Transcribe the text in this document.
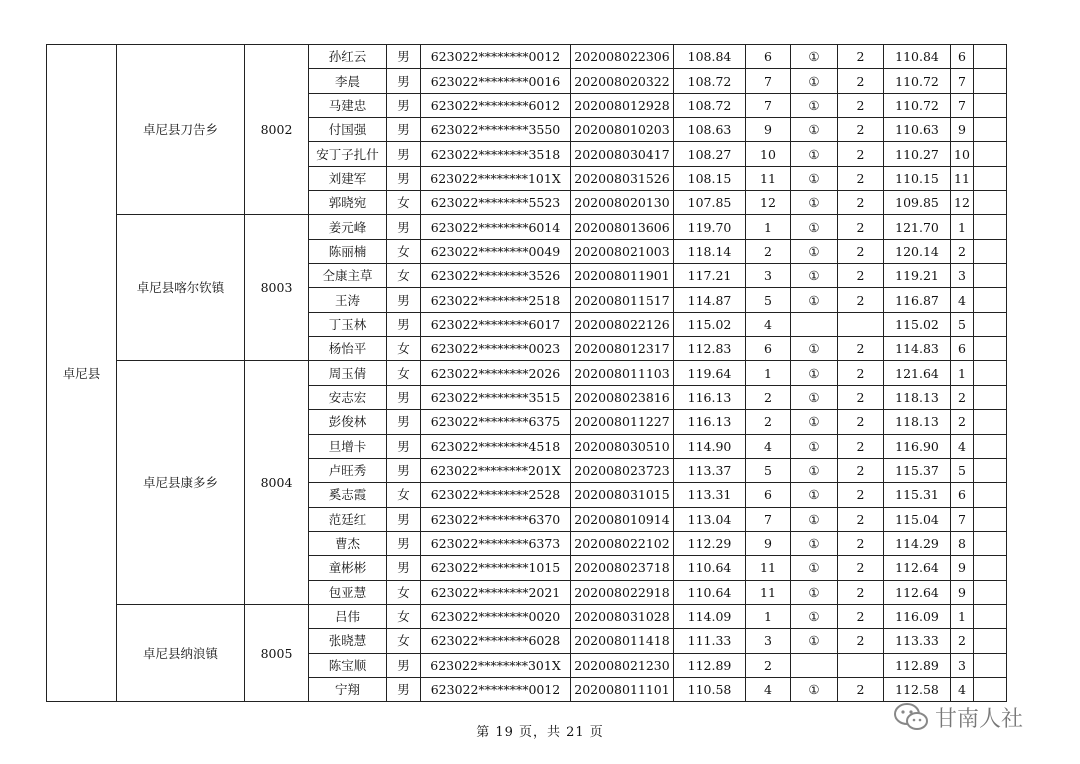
卓尼县	卓尼县刀告乡	8002	孙红云	男	623022********0012	202008022306	108.84	6	①	2	110.84	6	
			李晨	男	623022********0016	202008020322	108.72	7	①	2	110.72	7	
			马建忠	男	623022********6012	202008012928	108.72	7	①	2	110.72	7	
			付国强	男	623022********3550	202008010203	108.63	9	①	2	110.63	9	
			安丁子扎什	男	623022********3518	202008030417	108.27	10	①	2	110.27	10	
			刘建军	男	623022********101X	202008031526	108.15	11	①	2	110.15	11	
			郭晓宛	女	623022********5523	202008020130	107.85	12	①	2	109.85	12	
	卓尼县喀尔钦镇	8003	姜元峰	男	623022********6014	202008013606	119.70	1	①	2	121.70	1	
			陈丽楠	女	623022********0049	202008021003	118.14	2	①	2	120.14	2	
			仝康主草	女	623022********3526	202008011901	117.21	3	①	2	119.21	3	
			王涛	男	623022********2518	202008011517	114.87	5	①	2	116.87	4	
			丁玉林	男	623022********6017	202008022126	115.02	4			115.02	5	
			杨怡平	女	623022********0023	202008012317	112.83	6	①	2	114.83	6	
	卓尼县康多乡	8004	周玉倩	女	623022********2026	202008011103	119.64	1	①	2	121.64	1	
			安志宏	男	623022********3515	202008023816	116.13	2	①	2	118.13	2	
			彭俊林	男	623022********6375	202008011227	116.13	2	①	2	118.13	2	
			旦增卡	男	623022********4518	202008030510	114.90	4	①	2	116.90	4	
			卢旺秀	男	623022********201X	202008023723	113.37	5	①	2	115.37	5	
			奚志霞	女	623022********2528	202008031015	113.31	6	①	2	115.31	6	
			范廷红	男	623022********6370	202008010914	113.04	7	①	2	115.04	7	
			曹杰	男	623022********6373	202008022102	112.29	9	①	2	114.29	8	
			童彬彬	男	623022********1015	202008023718	110.64	11	①	2	112.64	9	
			包亚慧	女	623022********2021	202008022918	110.64	11	①	2	112.64	9	
	卓尼县纳浪镇	8005	吕伟	女	623022********0020	202008031028	114.09	1	①	2	116.09	1	
			张晓慧	女	623022********6028	202008011418	111.33	3	①	2	113.33	2	
			陈宝顺	男	623022********301X	202008021230	112.89	2			112.89	3	
			宁翔	男	623022********0012	202008011101	110.58	4	①	2	112.58	4	
第 19 页，共 21 页
甘南人社
